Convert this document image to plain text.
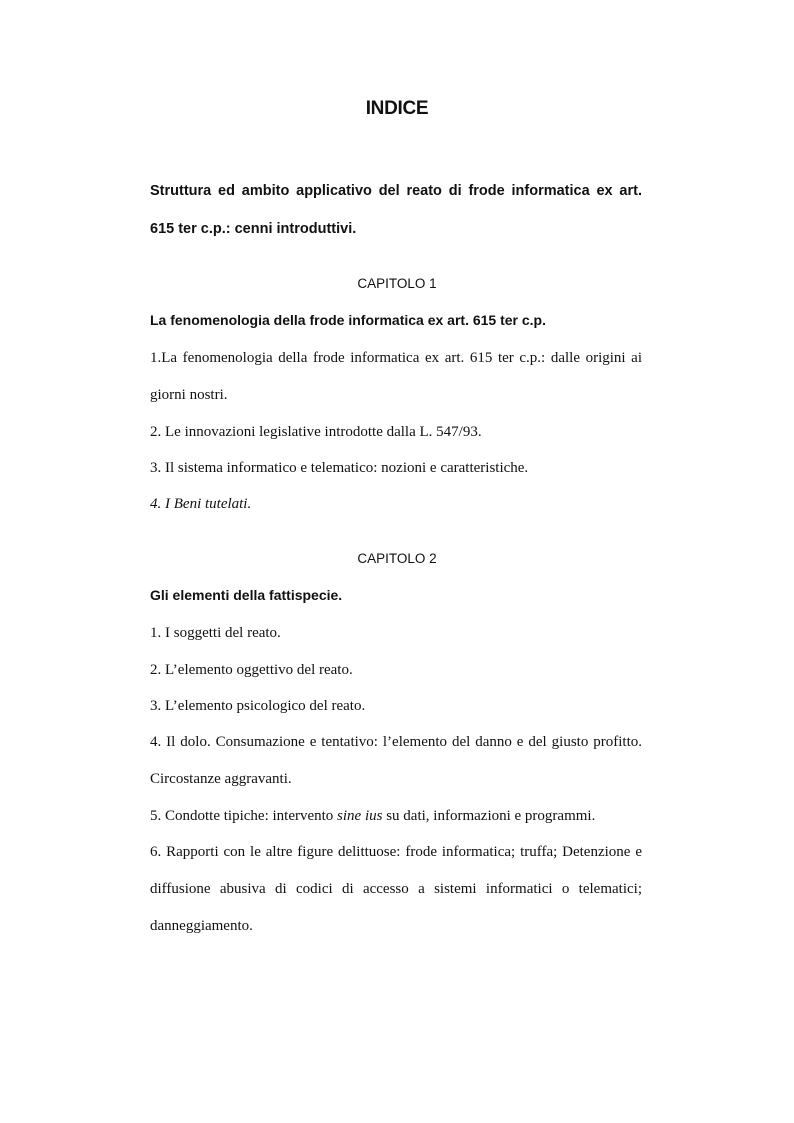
INDICE
Struttura ed ambito applicativo del reato di frode informatica ex art. 615 ter c.p.: cenni introduttivi.
CAPITOLO 1
La fenomenologia della frode informatica ex art. 615 ter c.p.
1.La fenomenologia della frode informatica ex art. 615 ter c.p.: dalle origini ai giorni nostri.
2. Le innovazioni legislative introdotte dalla L. 547/93.
3. Il sistema informatico e telematico: nozioni e caratteristiche.
4. I Beni tutelati.
CAPITOLO 2
Gli elementi della fattispecie.
1. I soggetti del reato.
2. L’elemento oggettivo del reato.
3. L’elemento psicologico del reato.
4. Il dolo. Consumazione e tentativo: l’elemento del danno e del giusto profitto. Circostanze aggravanti.
5. Condotte tipiche: intervento sine ius su dati, informazioni e programmi.
6. Rapporti con le altre figure delittuose: frode informatica; truffa; Detenzione e diffusione abusiva di codici di accesso a sistemi informatici o telematici; danneggiamento.
